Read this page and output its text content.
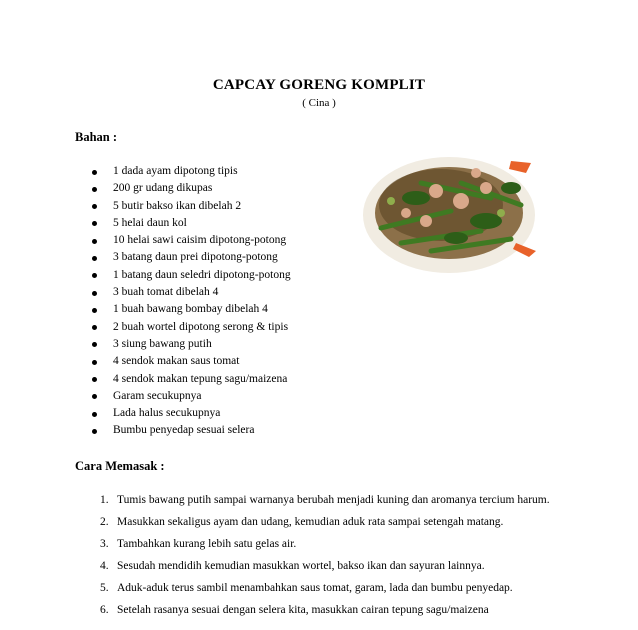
CAPCAY GORENG KOMPLIT
( Cina )
Bahan :
1 dada ayam dipotong tipis
200 gr udang dikupas
5 butir bakso ikan dibelah 2
5 helai daun kol
10 helai sawi caisim dipotong-potong
3 batang daun prei dipotong-potong
1 batang daun seledri dipotong-potong
3 buah tomat dibelah 4
1 buah bawang bombay dibelah 4
2 buah wortel dipotong serong & tipis
3 siung bawang putih
4 sendok makan saus tomat
4 sendok makan tepung sagu/maizena
Garam secukupnya
Lada halus secukupnya
Bumbu penyedap sesuai selera
Cara Memasak :
1. Tumis bawang putih sampai warnanya berubah menjadi kuning dan aromanya tercium harum.
2. Masukkan sekaligus ayam dan udang, kemudian aduk rata sampai setengah matang.
3. Tambahkan kurang lebih satu gelas air.
4. Sesudah mendidih kemudian masukkan wortel, bakso ikan dan sayuran lainnya.
5. Aduk-aduk terus sambil menambahkan saus tomat, garam, lada dan bumbu penyedap.
6. Setelah rasanya sesuai dengan selera kita, masukkan cairan tepung sagu/maizena
